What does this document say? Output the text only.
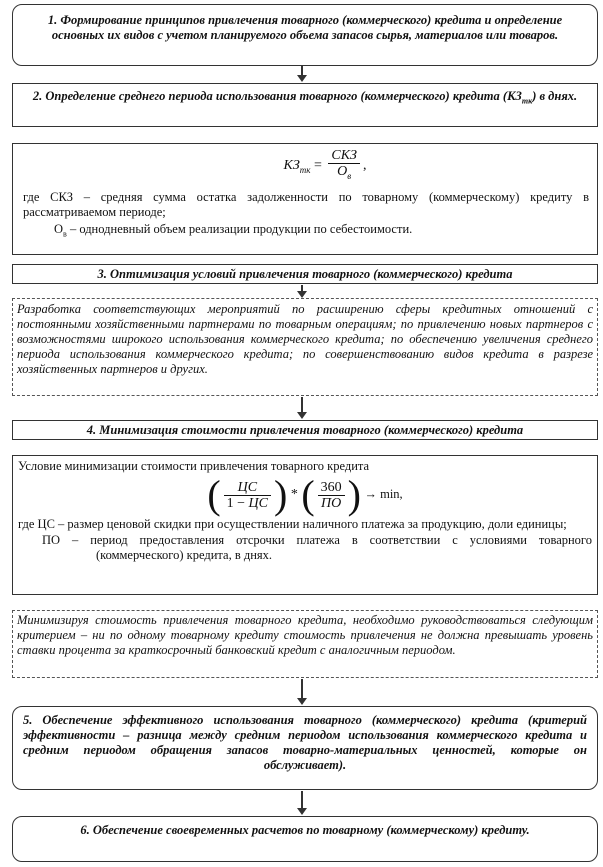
1. Формирование принципов привлечения товарного (коммерческого) кредита и определение основных их видов с учетом планируемого объема запасов сырья, материалов или товаров.
2. Определение среднего периода использования товарного (коммерческого) кредита $(КЗ_{тк})$ в днях.
$КЗ_{тк} = \frac{\text{СКЗ}}{О_в}$ ,
где СКЗ – средняя сумма остатка задолженности по товарному (коммерческому) кредиту в рассматриваемом периоде;
$О_в$ – однодневный объем реализации продукции по себестоимости.
3. Оптимизация условий привлечения товарного (коммерческого) кредита
Разработка соответствующих мероприятий по расширению сферы кредитных отношений с постоянными хозяйственными партнерами по товарным операциям; по привлечению новых партнеров с возможностями широкого использования коммерческого кредита; по обеспечению увеличения среднего периода использования коммерческого кредита; по совершенствованию видов кредита в разрезе хозяйственных партнеров и других.
4. Минимизация стоимости привлечения товарного (коммерческого) кредита
Условие минимизации стоимости привлечения товарного кредита
( $\frac{ЦС}{1 - ЦС}$ ) * ( $\frac{360}{ПО}$ ) → min,
где ЦС – размер ценовой скидки при осуществлении наличного платежа за продукцию, доли единицы;
ПО – период предоставления отсрочки платежа в соответствии с условиями товарного (коммерческого) кредита, в днях.
Минимизируя стоимость привлечения товарного кредита, необходимо руководствоваться следующим критерием – ни по одному товарному кредиту стоимость привлечения не должна превышать уровень ставки процента за краткосрочный банковский кредит с аналогичным периодом.
5. Обеспечение эффективного использования товарного (коммерческого) кредита (критерий эффективности – разница между средним периодом использования коммерческого кредита и средним периодом обращения запасов товарно-материальных ценностей, которые он обслуживает).
6. Обеспечение своевременных расчетов по товарному (коммерческому) кредиту.
